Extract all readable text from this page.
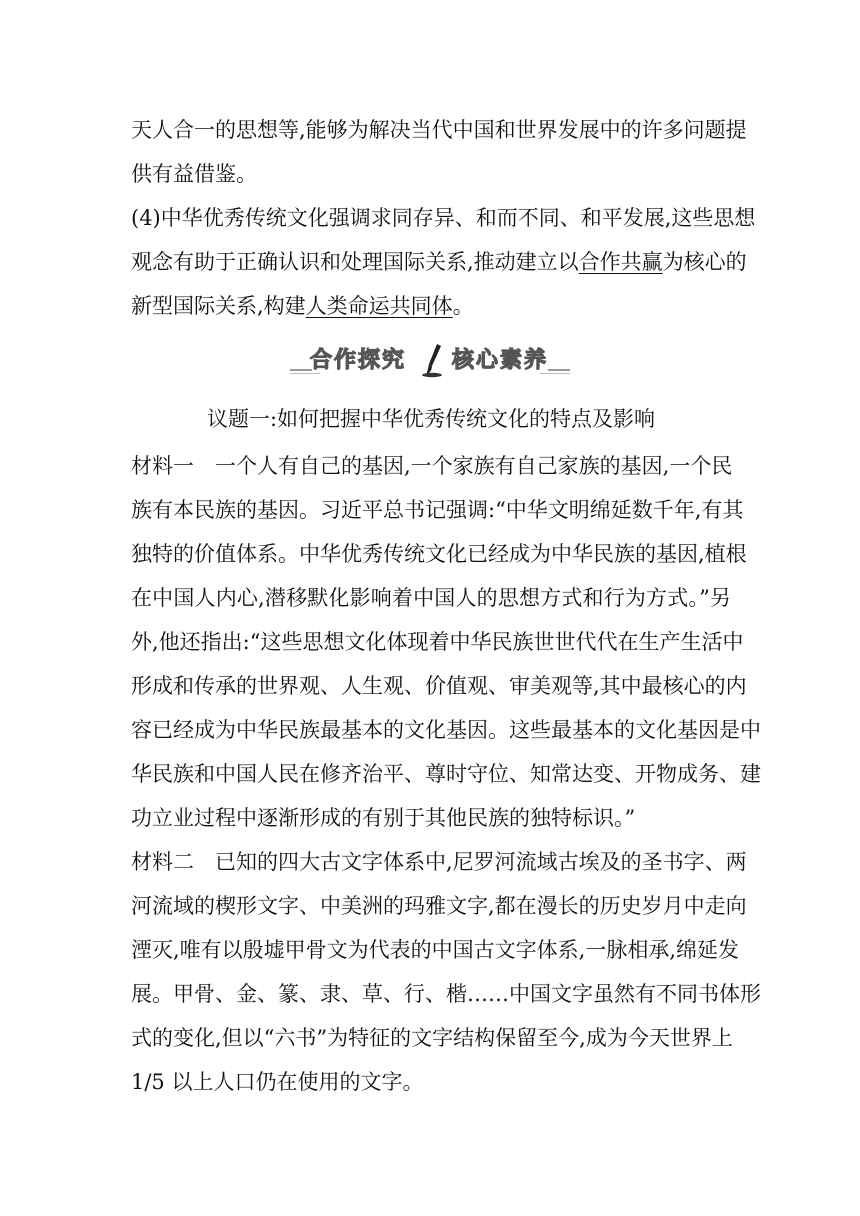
天人合一的思想等,能够为解决当代中国和世界发展中的许多问题提
供有益借鉴。
(4)中华优秀传统文化强调求同存异、和而不同、和平发展,这些思想
观念有助于正确认识和处理国际关系,推动建立以合作共赢为核心的
新型国际关系,构建人类命运共同体。
合作探究 核心素养
议题一:如何把握中华优秀传统文化的特点及影响
材料一　一个人有自己的基因,一个家族有自己家族的基因,一个民
族有本民族的基因。习近平总书记强调:“中华文明绵延数千年,有其
独特的价值体系。中华优秀传统文化已经成为中华民族的基因,植根
在中国人内心,潜移默化影响着中国人的思想方式和行为方式。”另
外,他还指出:“这些思想文化体现着中华民族世世代代在生产生活中
形成和传承的世界观、人生观、价值观、审美观等,其中最核心的内
容已经成为中华民族最基本的文化基因。这些最基本的文化基因是中
华民族和中国人民在修齐治平、尊时守位、知常达变、开物成务、建
功立业过程中逐渐形成的有别于其他民族的独特标识。”
材料二　已知的四大古文字体系中,尼罗河流域古埃及的圣书字、两
河流域的楔形文字、中美洲的玛雅文字,都在漫长的历史岁月中走向
湮灭,唯有以殷墟甲骨文为代表的中国古文字体系,一脉相承,绵延发
展。甲骨、金、篆、隶、草、行、楷……中国文字虽然有不同书体形
式的变化,但以“六书”为特征的文字结构保留至今,成为今天世界上
1/5 以上人口仍在使用的文字。
